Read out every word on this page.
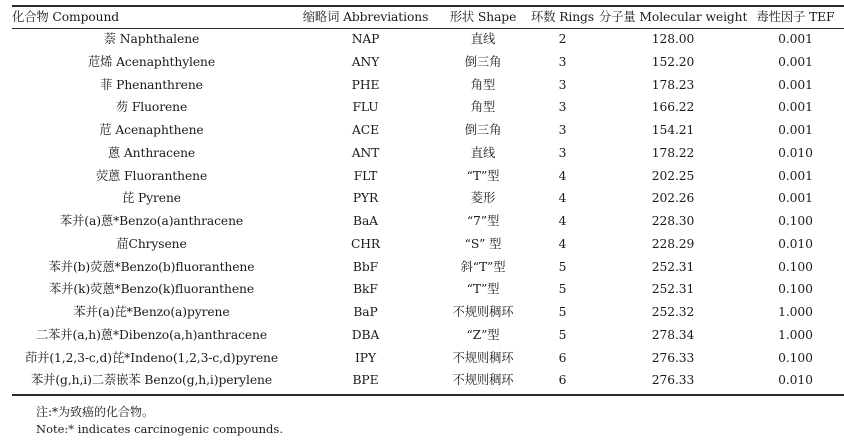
化合物 Compound	缩略词 Abbreviations	形状 Shape	环数 Rings	分子量 Molecular weight	毒性因子 TEF
萘 Naphthalene	NAP	直线	2	128.00	0.001
苊烯 Acenaphthylene	ANY	倒三角	3	152.20	0.001
菲 Phenanthrene	PHE	角型	3	178.23	0.001
芴 Fluorene	FLU	角型	3	166.22	0.001
苊 Acenaphthene	ACE	倒三角	3	154.21	0.001
蒽 Anthracene	ANT	直线	3	178.22	0.010
荧蒽 Fluoranthene	FLT	“T”型	4	202.25	0.001
芘 Pyrene	PYR	菱形	4	202.26	0.001
苯并(a)蒽*Benzo(a)anthracene	BaA	“7”型	4	228.30	0.100
䓛Chrysene	CHR	“S” 型	4	228.29	0.010
苯并(b)荧蒽*Benzo(b)fluoranthene	BbF	斜“T”型	5	252.31	0.100
苯并(k)荧蒽*Benzo(k)fluoranthene	BkF	“T”型	5	252.31	0.100
苯并(a)芘*Benzo(a)pyrene	BaP	不规则稠环	5	252.32	1.000
二苯并(a,h)蒽*Dibenzo(a,h)anthracene	DBA	“Z”型	5	278.34	1.000
茚并(1,2,3-c,d)芘*Indeno(1,2,3-c,d)pyrene	IPY	不规则稠环	6	276.33	0.100
苯并(g,h,i)二萘嵌苯 Benzo(g,h,i)perylene	BPE	不规则稠环	6	276.33	0.010
注:*为致癌的化合物。
Note:* indicates carcinogenic compounds.
